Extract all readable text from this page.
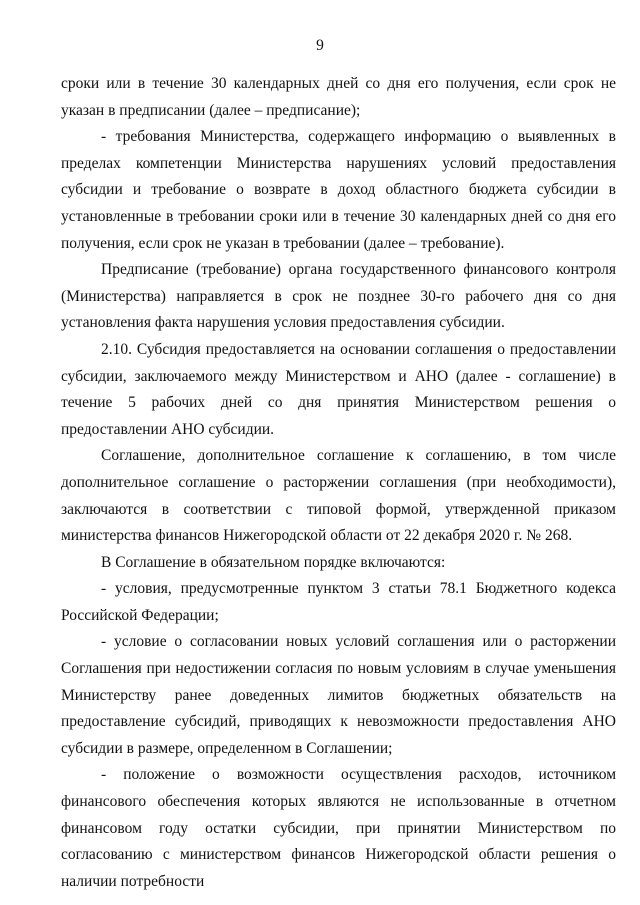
9

сроки или в течение 30 календарных дней со дня его получения, если срок не указан в предписании (далее – предписание);

- требования Министерства, содержащего информацию о выявленных в пределах компетенции Министерства нарушениях условий предоставления субсидии и требование о возврате в доход областного бюджета субсидии в установленные в требовании сроки или в течение 30 календарных дней со дня его получения, если срок не указан в требовании (далее – требование).

Предписание (требование) органа государственного финансового контроля (Министерства) направляется в срок не позднее 30-го рабочего дня со дня установления факта нарушения условия предоставления субсидии.

2.10. Субсидия предоставляется на основании соглашения о предоставлении субсидии, заключаемого между Министерством и АНО (далее - соглашение) в течение 5 рабочих дней со дня принятия Министерством решения о предоставлении АНО субсидии.

Соглашение, дополнительное соглашение к соглашению, в том числе дополнительное соглашение о расторжении соглашения (при необходимости), заключаются в соответствии с типовой формой, утвержденной приказом министерства финансов Нижегородской области от 22 декабря 2020 г. № 268.

В Соглашение в обязательном порядке включаются:

- условия, предусмотренные пунктом 3 статьи 78.1 Бюджетного кодекса Российской Федерации;

- условие о согласовании новых условий соглашения или о расторжении Соглашения при недостижении согласия по новым условиям в случае уменьшения Министерству ранее доведенных лимитов бюджетных обязательств на предоставление субсидий, приводящих к невозможности предоставления АНО субсидии в размере, определенном в Соглашении;

- положение о возможности осуществления расходов, источником финансового обеспечения которых являются не использованные в отчетном финансовом году остатки субсидии, при принятии Министерством по согласованию с министерством финансов Нижегородской области решения о наличии потребности
